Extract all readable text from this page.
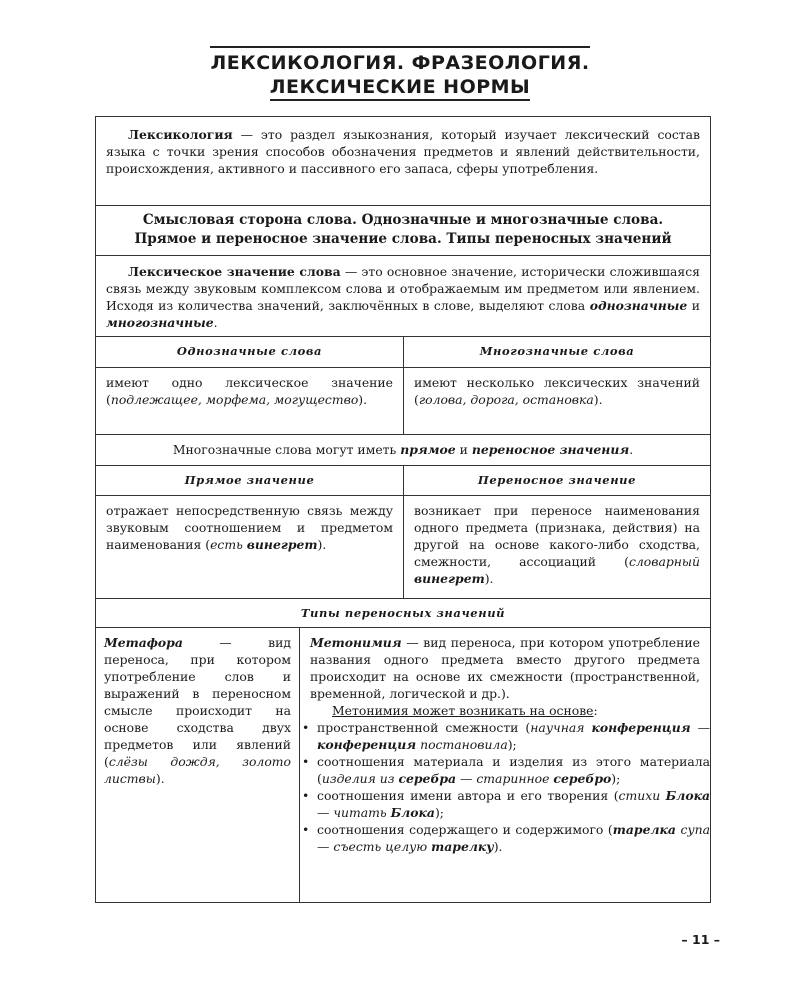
ЛЕКСИКОЛОГИЯ. ФРАЗЕОЛОГИЯ.
ЛЕКСИЧЕСКИЕ НОРМЫ
Лексикология — это раздел языкознания, который изучает лексический состав языка с точки зрения способов обозначения предметов и явлений действительности, происхождения, активного и пассивного его запаса, сферы употребления.
Смысловая сторона слова. Однозначные и многозначные слова.
Прямое и переносное значение слова. Типы переносных значений
Лексическое значение слова — это основное значение, исторически сложившаяся связь между звуковым комплексом слова и отображаемым им предметом или явлением. Исходя из количества значений, заключённых в слове, выделяют слова однозначные и многозначные.
Однозначные слова	Многозначные слова
имеют одно лексическое значение (подлежащее, морфема, могущество).
имеют несколько лексических значений (голова, дорога, остановка).
Многозначные слова могут иметь прямое и переносное значения.
Прямое значение	Переносное значение
отражает непосредственную связь между звуковым соотношением и предметом наименования (есть винегрет).
возникает при переносе наименования одного предмета (признака, действия) на другой на основе какого-либо сходства, смежности, ассоциаций (словарный винегрет).
Типы переносных значений
Метафора — вид переноса, при котором употребление слов и выражений в переносном смысле происходит на основе сходства двух предметов или явлений (слёзы дождя, золото листвы).
Метонимия — вид переноса, при котором употребление названия одного предмета вместо другого предмета происходит на основе их смежности (пространственной, временной, логической и др.).
Метонимия может возникать на основе:
• пространственной смежности (научная конференция — конференция постановила);
• соотношения материала и изделия из этого материала (изделия из серебра — старинное серебро);
• соотношения имени автора и его творения (стихи Блока — читать Блока);
• соотношения содержащего и содержимого (тарелка супа — съесть целую тарелку).
– 11 –
